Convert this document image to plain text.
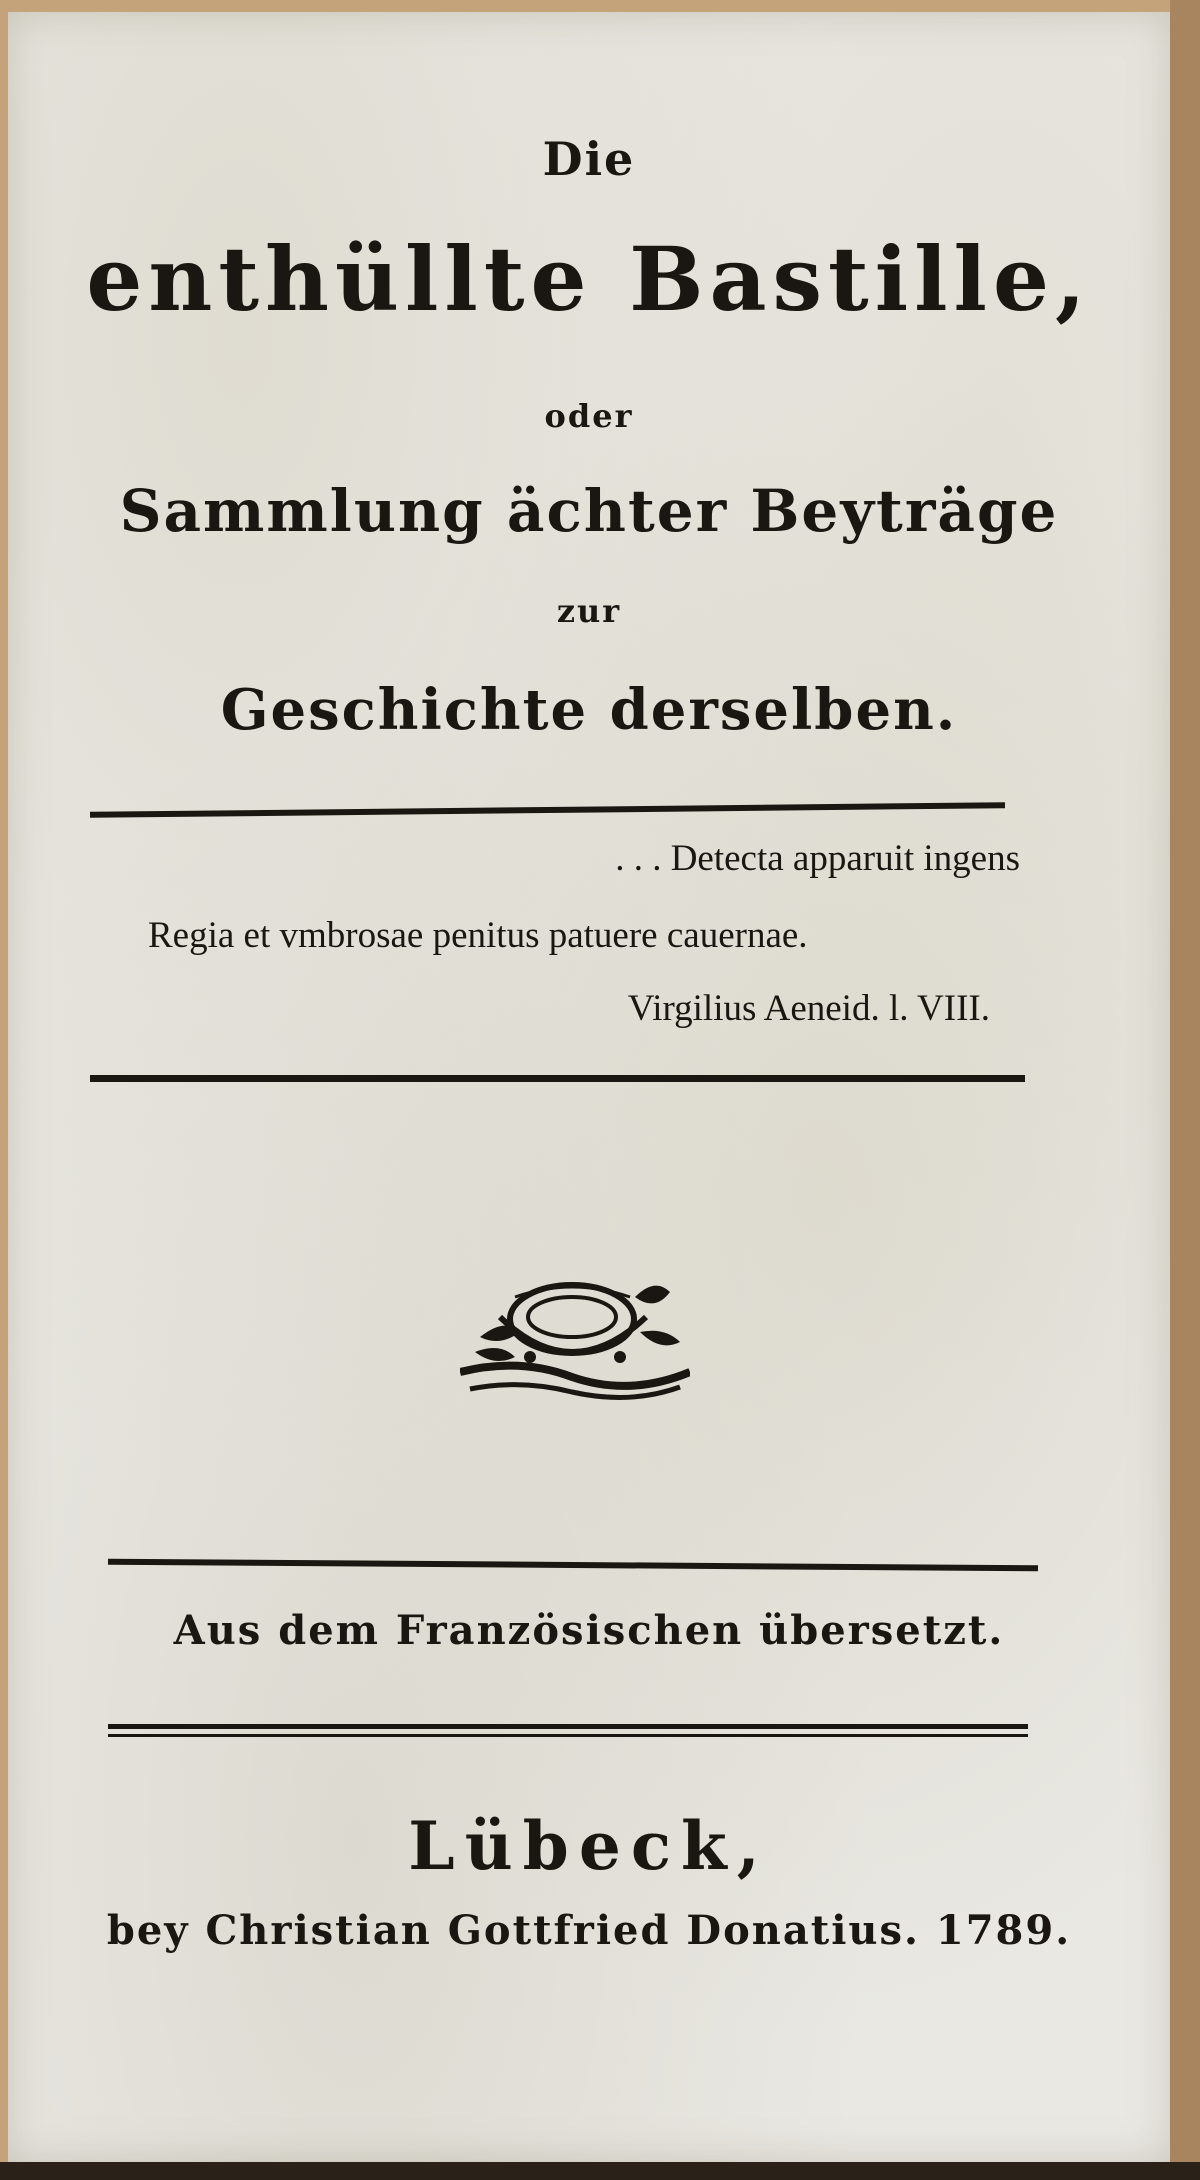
Die
enthüllte Bastille,
oder
Sammlung ächter Beyträge
zur
Geschichte derselben.
. . . Detecta apparuit ingens
Regia et vmbrosae penitus patuere cauernae.
Virgilius Aeneid. l. VIII.
Aus dem Französischen übersetzt.
Lübeck,
bey Christian Gottfried Donatius. 1789.
